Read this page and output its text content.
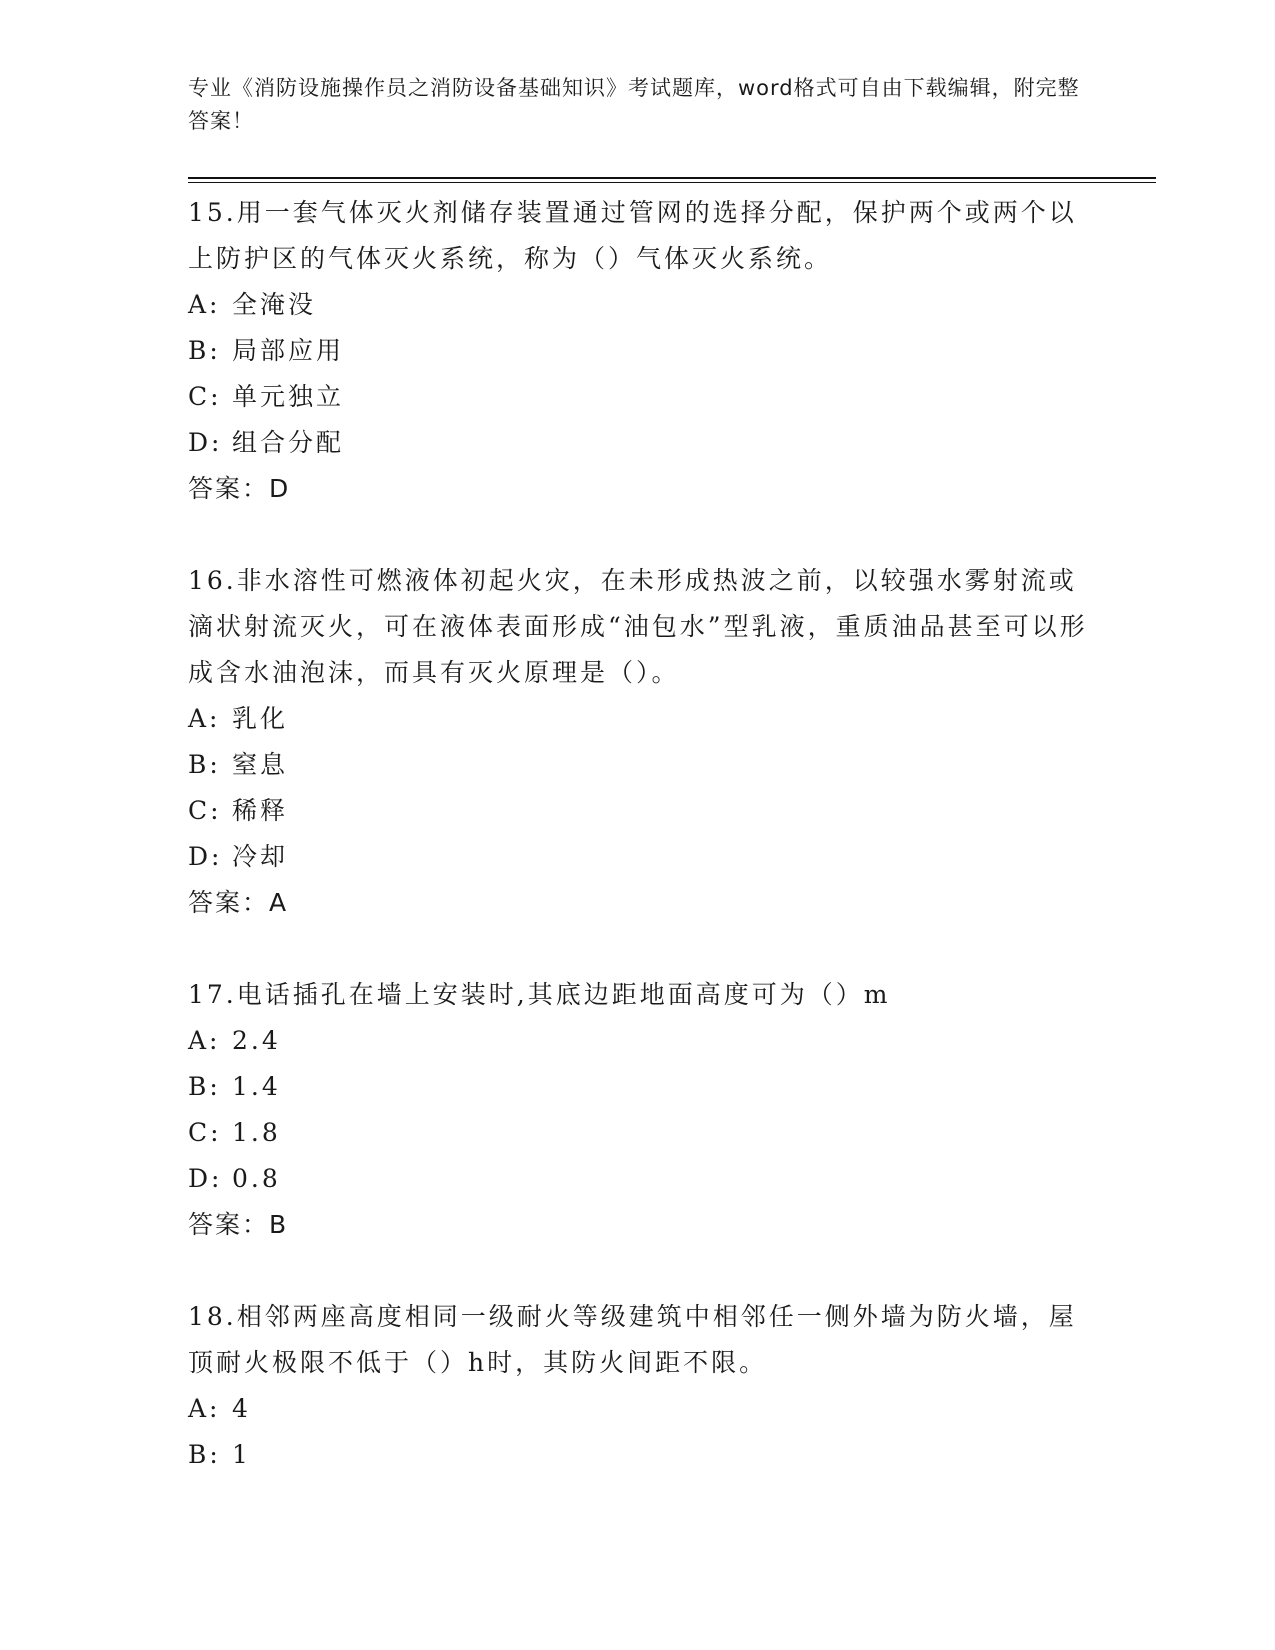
专业《消防设施操作员之消防设备基础知识》考试题库，word格式可自由下载编辑，附完整答案！

15.用一套气体灭火剂储存装置通过管网的选择分配，保护两个或两个以上防护区的气体灭火系统，称为（）气体灭火系统。

A: 全淹没

B: 局部应用

C: 单元独立

D: 组合分配

答案：D

16.非水溶性可燃液体初起火灾，在未形成热波之前，以较强水雾射流或滴状射流灭火，可在液体表面形成“油包水”型乳液，重质油品甚至可以形成含水油泡沫，而具有灭火原理是（）。

A: 乳化

B: 窒息

C: 稀释

D: 冷却

答案：A

17.电话插孔在墙上安装时,其底边距地面高度可为（）m

A: 2.4

B: 1.4

C: 1.8

D: 0.8

答案：B

18.相邻两座高度相同一级耐火等级建筑中相邻任一侧外墙为防火墙，屋顶耐火极限不低于（）h时，其防火间距不限。

A: 4

B: 1
